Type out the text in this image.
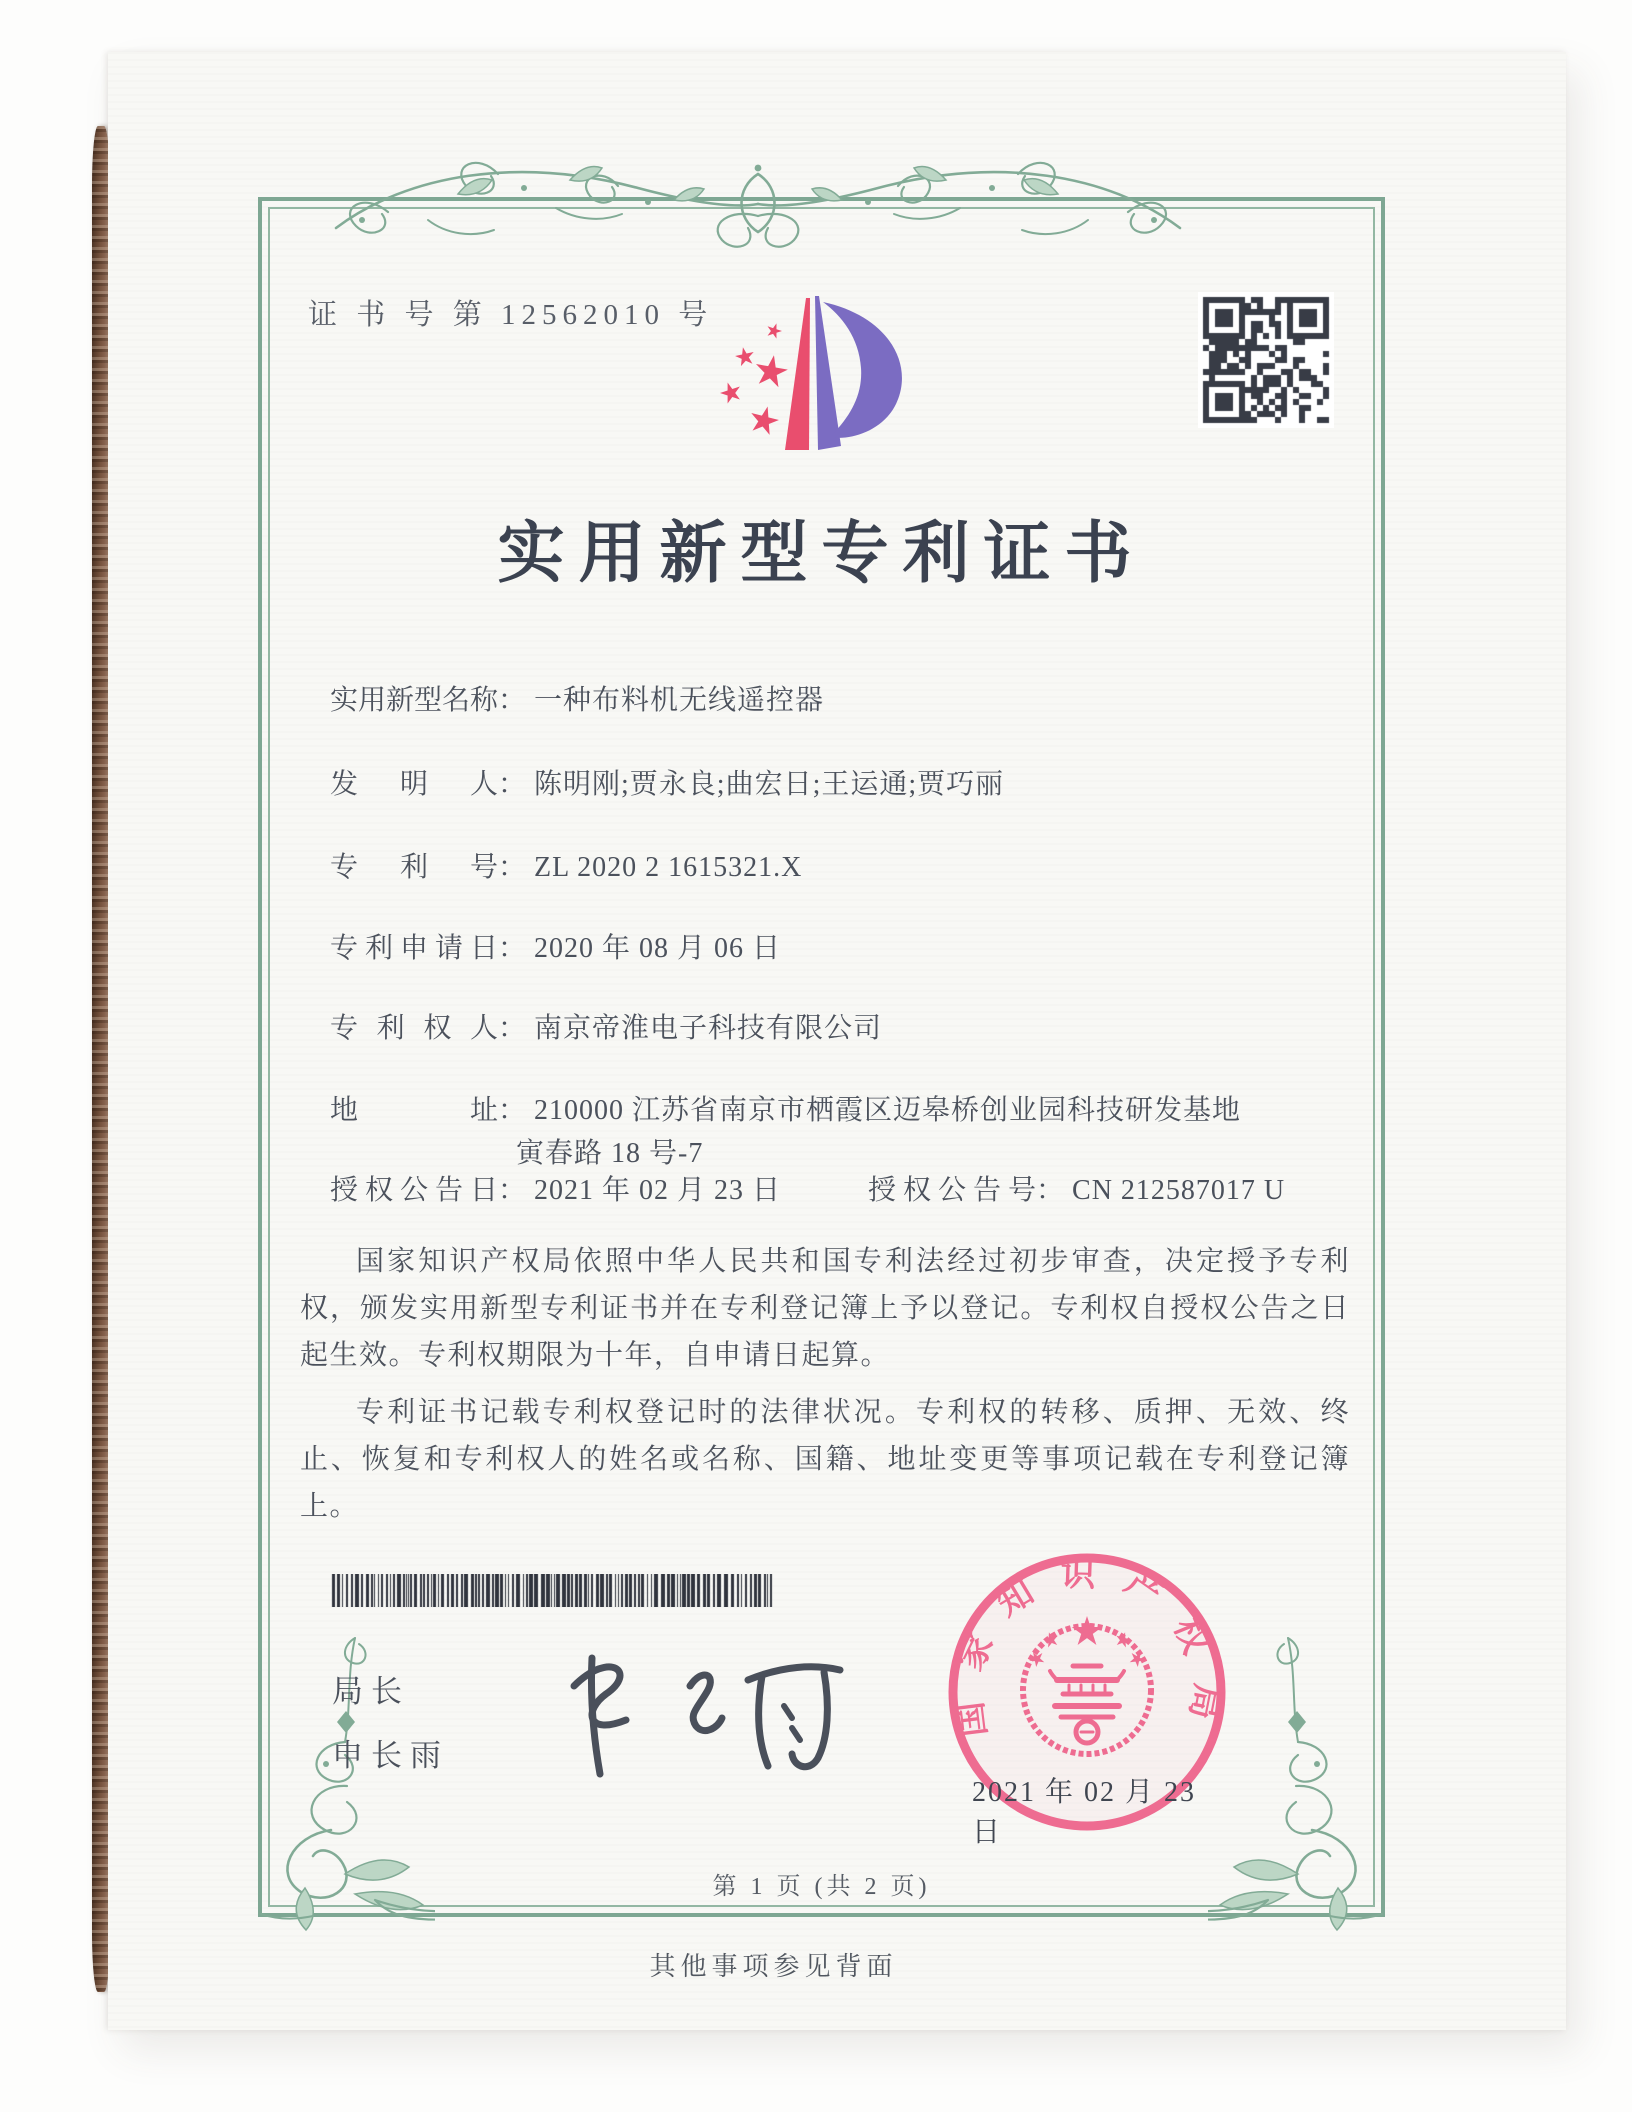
证 书 号 第 12562010 号
实用新型专利证书
实用新型名称： 一种布料机无线遥控器
发明人： 陈明刚;贾永良;曲宏日;王运通;贾巧丽
专利号： ZL 2020 2 1615321.X
专利申请日： 2020 年 08 月 06 日
专利权人： 南京帝淮电子科技有限公司
地址： 210000 江苏省南京市栖霞区迈皋桥创业园科技研发基地
寅春路 18 号-7
授权公告日： 2021 年 02 月 23 日	授权公告号： CN 212587017 U

国家知识产权局依照中华人民共和国专利法经过初步审查，决定授予专利权，颁发实用新型专利证书并在专利登记簿上予以登记。专利权自授权公告之日起生效。专利权期限为十年，自申请日起算。

专利证书记载专利权登记时的法律状况。专利权的转移、质押、无效、终止、恢复和专利权人的姓名或名称、国籍、地址变更等事项记载在专利登记簿上。

局长
申长雨
国家知识产权局
2021 年 02 月 23 日
第 1 页 (共 2 页)
其他事项参见背面
